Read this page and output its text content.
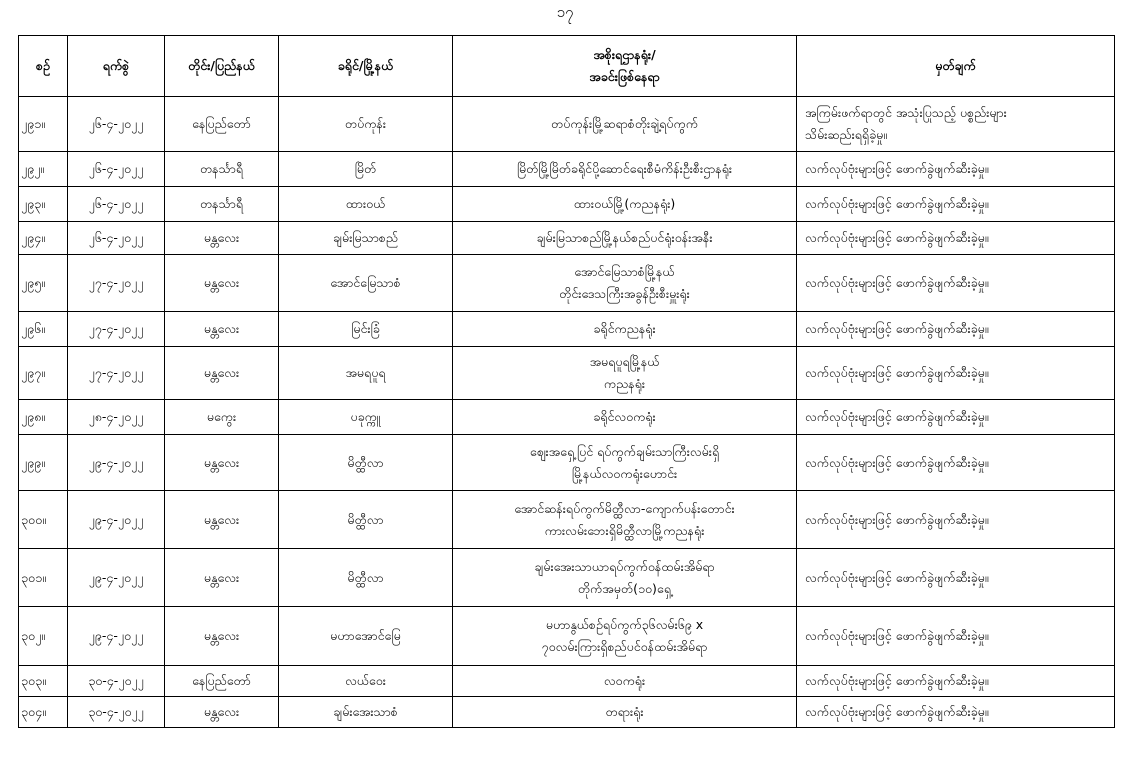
၁၇
စဉ်	ရက်စွဲ	တိုင်း/ပြည်နယ်	ခရိုင်/မြို့နယ်	အစိုးရဌာနရုံး/
အခင်းဖြစ်နေရာ	မှတ်ချက်

၂၉၁။	၂၆-၄-၂၀၂၂	နေပြည်တော်	တပ်ကုန်း	တပ်ကုန်းမြို့ဆရာစံတိုးချဲ့ရပ်ကွက်	အကြမ်းဖက်ရာတွင် အသုံးပြုသည့် ပစ္စည်းများ
သိမ်းဆည်းရရှိခဲ့မှု။

၂၉၂။	၂၆-၄-၂၀၂၂	တနင်္သာရီ	မြိတ်	မြိတ်မြို့မြိတ်ခရိုင်ပို့ဆောင်ရေးစီမံကိန်းဦးစီးဌာနရုံး	လက်လုပ်ဗုံးများဖြင့် ဖောက်ခွဲဖျက်ဆီးခဲ့မှု။

၂၉၃။	၂၆-၄-၂၀၂၂	တနင်္သာရီ	ထားဝယ်	ထားဝယ်မြို့(ကညနရုံး)	လက်လုပ်ဗုံးများဖြင့် ဖောက်ခွဲဖျက်ဆီးခဲ့မှု။

၂၉၄။	၂၆-၄-၂၀၂၂	မန္တလေး	ချမ်းမြသာစည်	ချမ်းမြသာစည်မြို့နယ်စည်ပင်ရုံးဝန်းအနီး	လက်လုပ်ဗုံးများဖြင့် ဖောက်ခွဲဖျက်ဆီးခဲ့မှု။

၂၉၅။	၂၇-၄-၂၀၂၂	မန္တလေး	အောင်မြေသာစံ	အောင်မြေသာစံမြို့နယ်
တိုင်းဒေသကြီးအခွန်ဦးစီးမှူးရုံး	လက်လုပ်ဗုံးများဖြင့် ဖောက်ခွဲဖျက်ဆီးခဲ့မှု။

၂၉၆။	၂၇-၄-၂၀၂၂	မန္တလေး	မြင်းခြံ	ခရိုင်ကညနရုံး	လက်လုပ်ဗုံးများဖြင့် ဖောက်ခွဲဖျက်ဆီးခဲ့မှု။

၂၉၇။	၂၇-၄-၂၀၂၂	မန္တလေး	အမရပူရ	အမရပူရမြို့နယ်
ကညနရုံး	လက်လုပ်ဗုံးများဖြင့် ဖောက်ခွဲဖျက်ဆီးခဲ့မှု။

၂၉၈။	၂၈-၄-၂၀၂၂	မကွေး	ပခုက္ကူ	ခရိုင်လဝကရုံး	လက်လုပ်ဗုံးများဖြင့် ဖောက်ခွဲဖျက်ဆီးခဲ့မှု။

၂၉၉။	၂၉-၄-၂၀၂၂	မန္တလေး	မိတ္ထီလာ	ဈေးအရှေ့ပြင် ရပ်ကွက်ချမ်းသာကြီးလမ်းရှိ
မြို့နယ်လဝကရုံးဟောင်း	လက်လုပ်ဗုံးများဖြင့် ဖောက်ခွဲဖျက်ဆီးခဲ့မှု။

၃၀၀။	၂၉-၄-၂၀၂၂	မန္တလေး	မိတ္ထီလာ	အောင်ဆန်းရပ်ကွက်မိတ္ထီလာ-ကျောက်ပန်းတောင်း
ကားလမ်းဘေးရှိမိတ္ထီလာမြို့ကညနရုံး	လက်လုပ်ဗုံးများဖြင့် ဖောက်ခွဲဖျက်ဆီးခဲ့မှု။

၃၀၁။	၂၉-၄-၂၀၂၂	မန္တလေး	မိတ္ထီလာ	ချမ်းအေးသာယာရပ်ကွက်ဝန်ထမ်းအိမ်ရာ
တိုက်အမှတ်(၁၀)ရှေ့	လက်လုပ်ဗုံးများဖြင့် ဖောက်ခွဲဖျက်ဆီးခဲ့မှု။

၃၀၂။	၂၉-၄-၂၀၂၂	မန္တလေး	မဟာအောင်မြေ	မဟာနွယ်စဉ်ရပ်ကွက်၃၆လမ်း၆၉ x
၇၀လမ်းကြားရှိစည်ပင်ဝန်ထမ်းအိမ်ရာ	လက်လုပ်ဗုံးများဖြင့် ဖောက်ခွဲဖျက်ဆီးခဲ့မှု။

၃၀၃။	၃၀-၄-၂၀၂၂	နေပြည်တော်	လယ်ဝေး	လဝကရုံး	လက်လုပ်ဗုံးများဖြင့် ဖောက်ခွဲဖျက်ဆီးခဲ့မှု။

၃၀၄။	၃၀-၄-၂၀၂၂	မန္တလေး	ချမ်းအေးသာစံ	တရားရုံး	လက်လုပ်ဗုံးများဖြင့် ဖောက်ခွဲဖျက်ဆီးခဲ့မှု။
